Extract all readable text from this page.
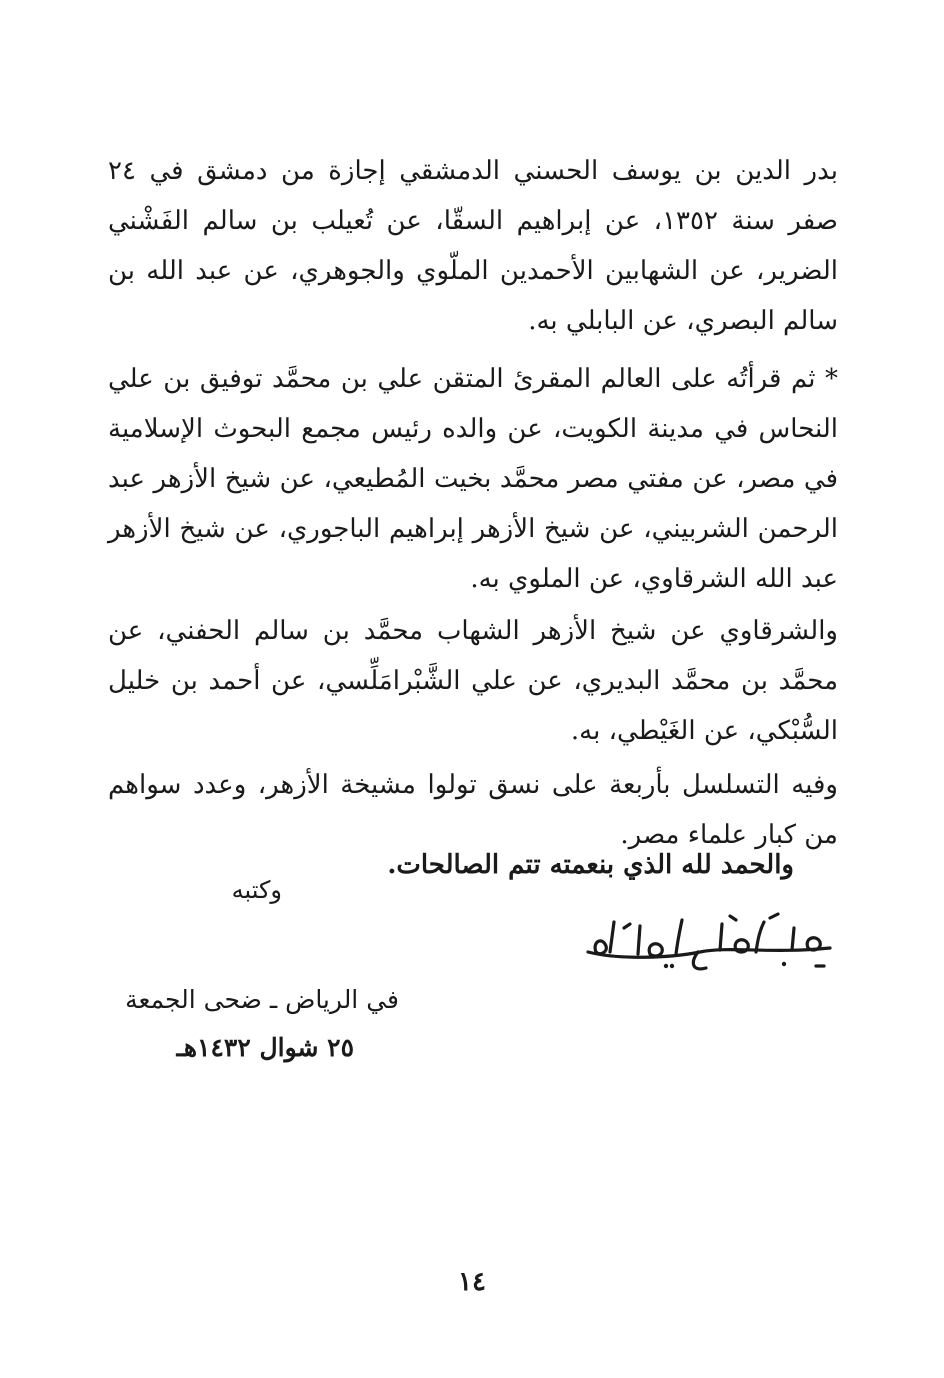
بدر الدين بن يوسف الحسني الدمشقي إجازة من دمشق في ٢٤ صفر سنة ١٣٥٢، عن إبراهيم السقّا، عن تُعيلب بن سالم الفَشْني الضرير، عن الشهابين الأحمدين الملّوي والجوهري، عن عبد الله بن سالم البصري، عن البابلي به.

* ثم قرأتُه على العالم المقرئ المتقن علي بن محمَّد توفيق بن علي النحاس في مدينة الكويت، عن والده رئيس مجمع البحوث الإسلامية في مصر، عن مفتي مصر محمَّد بخيت المُطيعي، عن شيخ الأزهر عبد الرحمن الشربيني، عن شيخ الأزهر إبراهيم الباجوري، عن شيخ الأزهر عبد الله الشرقاوي، عن الملوي به.

والشرقاوي عن شيخ الأزهر الشهاب محمَّد بن سالم الحفني، عن محمَّد بن محمَّد البديري، عن علي الشَّبْرامَلِّسي، عن أحمد بن خليل السُّبْكي، عن الغَيْطي، به.

وفيه التسلسل بأربعة على نسق تولوا مشيخة الأزهر، وعدد سواهم من كبار علماء مصر.

والحمد لله الذي بنعمته تتم الصالحات.
وكتبه
في الرياض ـ ضحى الجمعة
٢٥ شوال ١٤٣٢هـ
١٤
